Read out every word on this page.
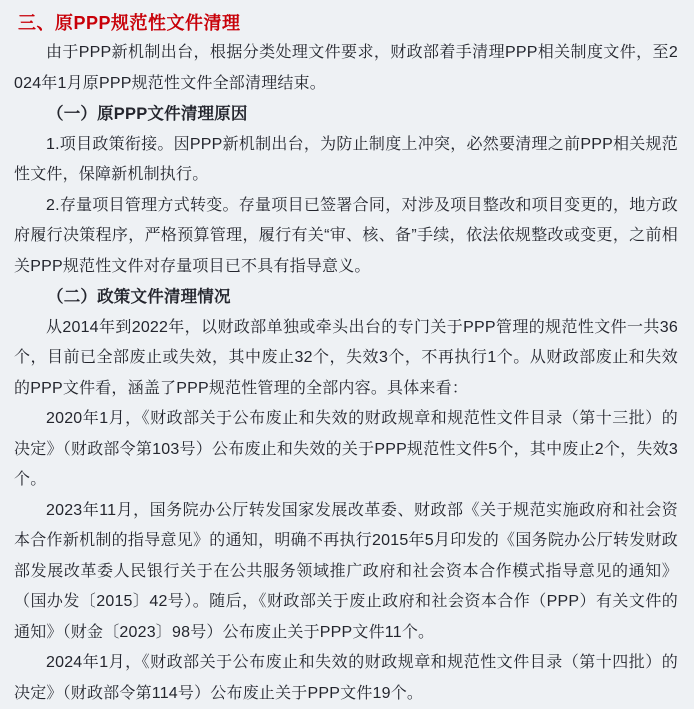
三、原PPP规范性文件清理

由于PPP新机制出台，根据分类处理文件要求，财政部着手清理PPP相关制度文件，至2024年1月原PPP规范性文件全部清理结束。

（一）原PPP文件清理原因

1.项目政策衔接。因PPP新机制出台，为防止制度上冲突，必然要清理之前PPP相关规范性文件，保障新机制执行。

2.存量项目管理方式转变。存量项目已签署合同，对涉及项目整改和项目变更的，地方政府履行决策程序，严格预算管理，履行有关“审、核、备”手续，依法依规整改或变更，之前相关PPP规范性文件对存量项目已不具有指导意义。

（二）政策文件清理情况

从2014年到2022年，以财政部单独或牵头出台的专门关于PPP管理的规范性文件一共36个，目前已全部废止或失效，其中废止32个，失效3个，不再执行1个。从财政部废止和失效的PPP文件看，涵盖了PPP规范性管理的全部内容。具体来看：

2020年1月，《财政部关于公布废止和失效的财政规章和规范性文件目录（第十三批）的决定》（财政部令第103号）公布废止和失效的关于PPP规范性文件5个，其中废止2个，失效3个。

2023年11月，国务院办公厅转发国家发展改革委、财政部《关于规范实施政府和社会资本合作新机制的指导意见》的通知，明确不再执行2015年5月印发的《国务院办公厅转发财政部发展改革委人民银行关于在公共服务领域推广政府和社会资本合作模式指导意见的通知》（国办发〔2015〕42号）。随后，《财政部关于废止政府和社会资本合作（PPP）有关文件的通知》（财金〔2023〕98号）公布废止关于PPP文件11个。

2024年1月，《财政部关于公布废止和失效的财政规章和规范性文件目录（第十四批）的决定》（财政部令第114号）公布废止关于PPP文件19个。
